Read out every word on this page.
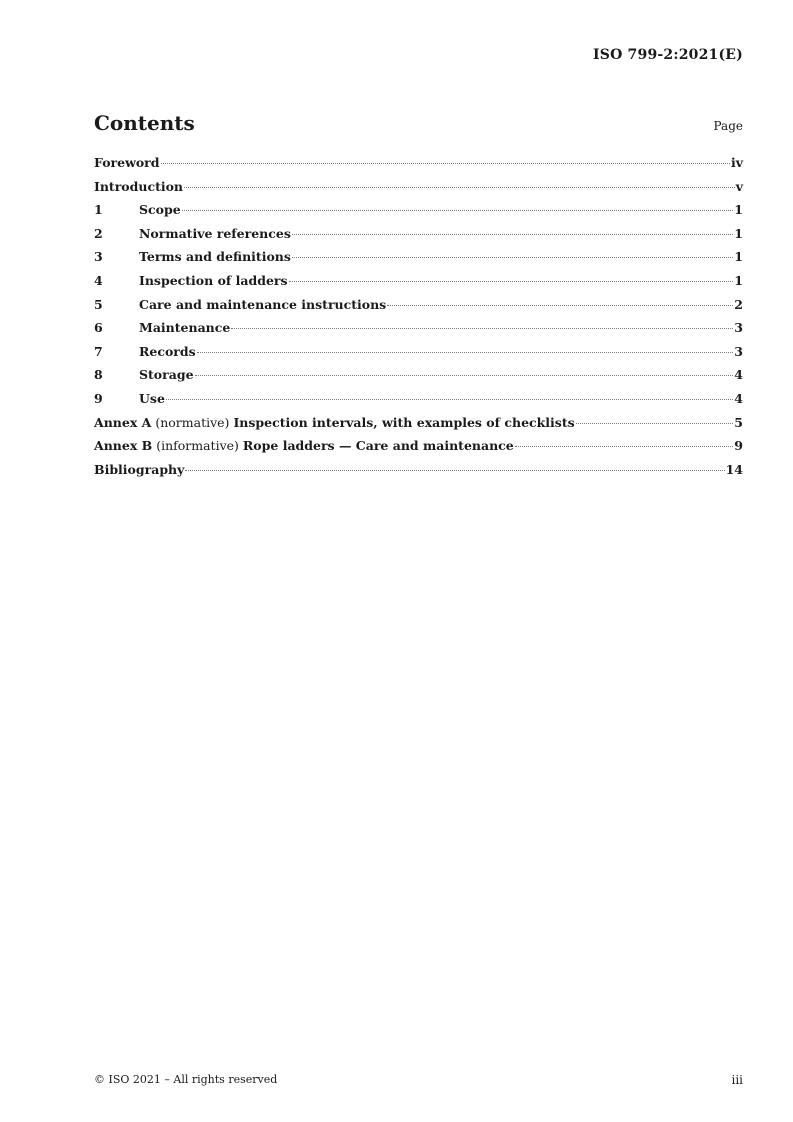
ISO 799-2:2021(E)
Contents	Page
Foreword	iv
Introduction	v
1	Scope	1
2	Normative references	1
3	Terms and definitions	1
4	Inspection of ladders	1
5	Care and maintenance instructions	2
6	Maintenance	3
7	Records	3
8	Storage	4
9	Use	4
Annex A (normative) Inspection intervals, with examples of checklists	5
Annex B (informative) Rope ladders — Care and maintenance	9
Bibliography	14
© ISO 2021 – All rights reserved	iii
